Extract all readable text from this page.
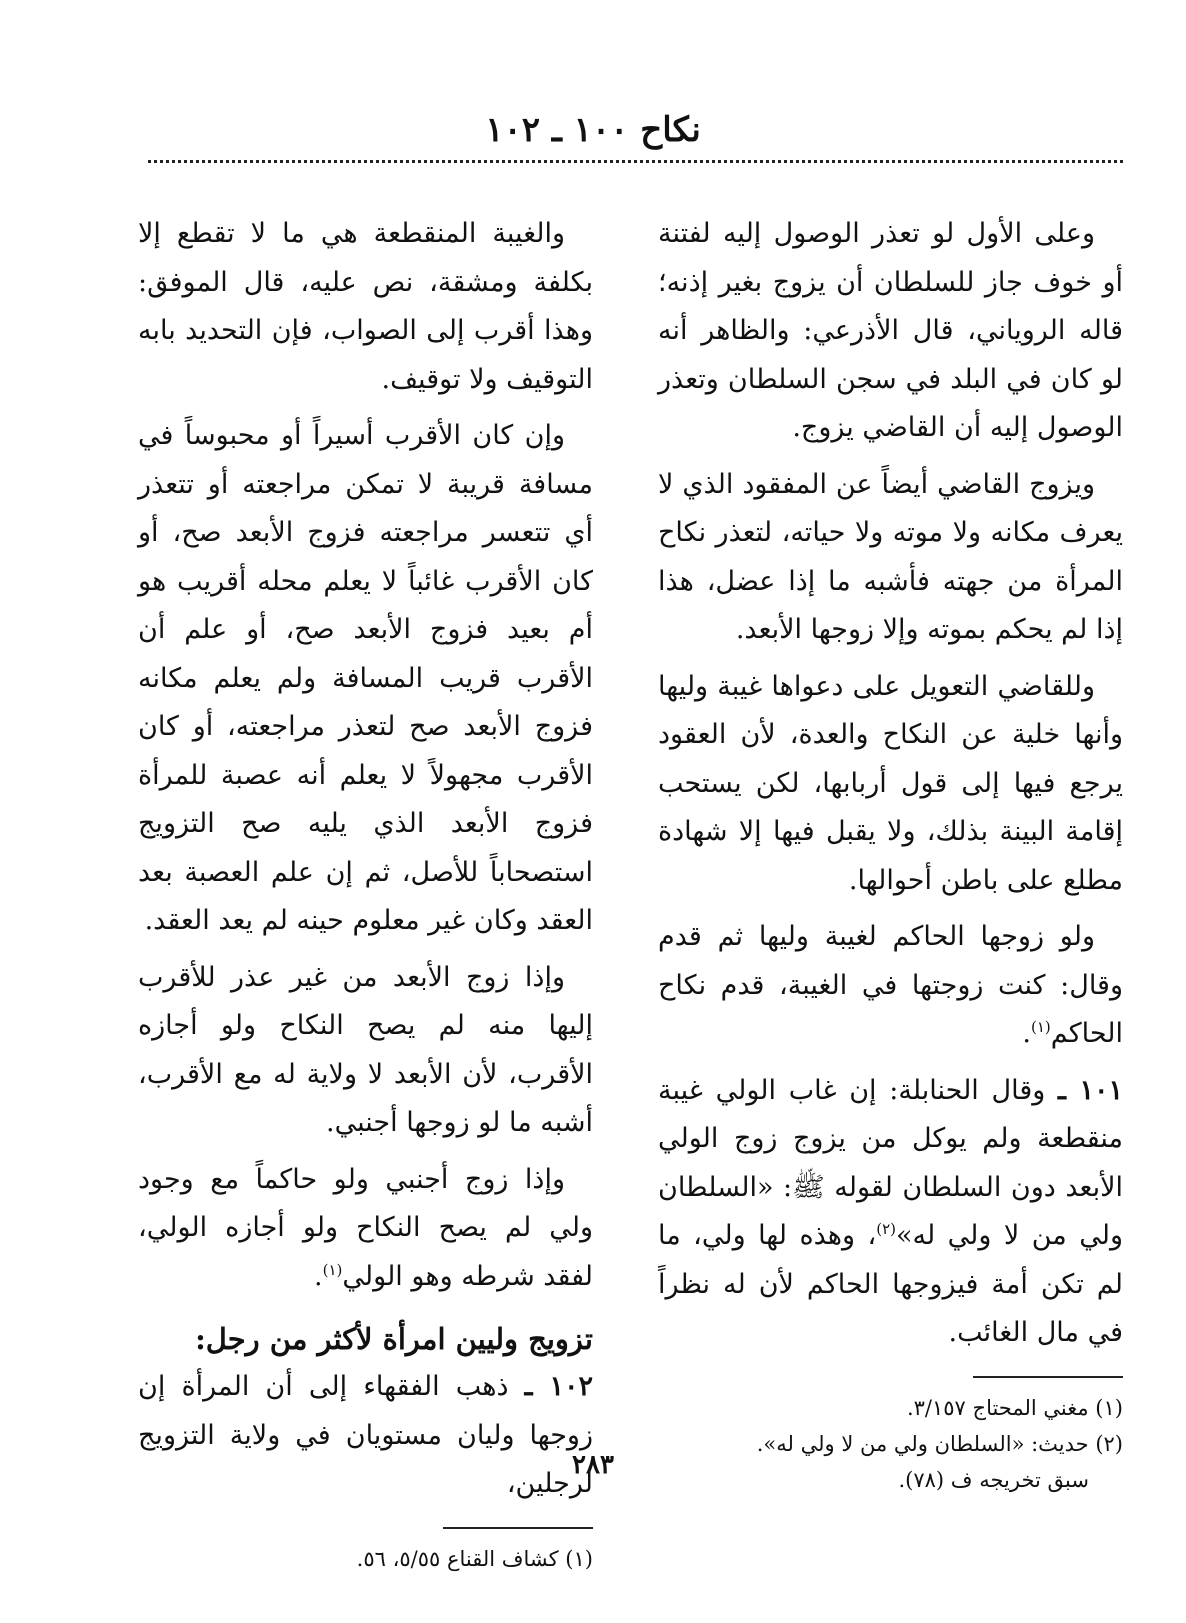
نكاح ١٠٠ ـ ١٠٢

وعلى الأول لو تعذر الوصول إليه لفتنة أو خوف جاز للسلطان أن يزوج بغير إذنه؛ قاله الروياني، قال الأذرعي: والظاهر أنه لو كان في البلد في سجن السلطان وتعذر الوصول إليه أن القاضي يزوج.

ويزوج القاضي أيضاً عن المفقود الذي لا يعرف مكانه ولا موته ولا حياته، لتعذر نكاح المرأة من جهته فأشبه ما إذا عضل، هذا إذا لم يحكم بموته وإلا زوجها الأبعد.

وللقاضي التعويل على دعواها غيبة وليها وأنها خلية عن النكاح والعدة، لأن العقود يرجع فيها إلى قول أربابها، لكن يستحب إقامة البينة بذلك، ولا يقبل فيها إلا شهادة مطلع على باطن أحوالها.

ولو زوجها الحاكم لغيبة وليها ثم قدم وقال: كنت زوجتها في الغيبة، قدم نكاح الحاكم$^{(١)}$.

١٠١ ـ وقال الحنابلة: إن غاب الولي غيبة منقطعة ولم يوكل من يزوج زوج الولي الأبعد دون السلطان لقوله ﷺ: «السلطان ولي من لا ولي له»$^{(٢)}$، وهذه لها ولي، ما لم تكن أمة فيزوجها الحاكم لأن له نظراً في مال الغائب.

(١) مغني المحتاج ٣/١٥٧.
(٢) حديث: «السلطان ولي من لا ولي له».
سبق تخريجه ف (٧٨).

والغيبة المنقطعة هي ما لا تقطع إلا بكلفة ومشقة، نص عليه، قال الموفق: وهذا أقرب إلى الصواب، فإن التحديد بابه التوقيف ولا توقيف.

وإن كان الأقرب أسيراً أو محبوساً في مسافة قريبة لا تمكن مراجعته أو تتعذر أي تتعسر مراجعته فزوج الأبعد صح، أو كان الأقرب غائباً لا يعلم محله أقريب هو أم بعيد فزوج الأبعد صح، أو علم أن الأقرب قريب المسافة ولم يعلم مكانه فزوج الأبعد صح لتعذر مراجعته، أو كان الأقرب مجهولاً لا يعلم أنه عصبة للمرأة فزوج الأبعد الذي يليه صح التزويج استصحاباً للأصل، ثم إن علم العصبة بعد العقد وكان غير معلوم حينه لم يعد العقد.

وإذا زوج الأبعد من غير عذر للأقرب إليها منه لم يصح النكاح ولو أجازه الأقرب، لأن الأبعد لا ولاية له مع الأقرب، أشبه ما لو زوجها أجنبي.

وإذا زوج أجنبي ولو حاكماً مع وجود ولي لم يصح النكاح ولو أجازه الولي، لفقد شرطه وهو الولي$^{(١)}$.

تزويج وليين امرأة لأكثر من رجل:

١٠٢ ـ ذهب الفقهاء إلى أن المرأة إن زوجها وليان مستويان في ولاية التزويج لرجلين،

(١) كشاف القناع ٥/٥٥، ٥٦.
٢٨٣
